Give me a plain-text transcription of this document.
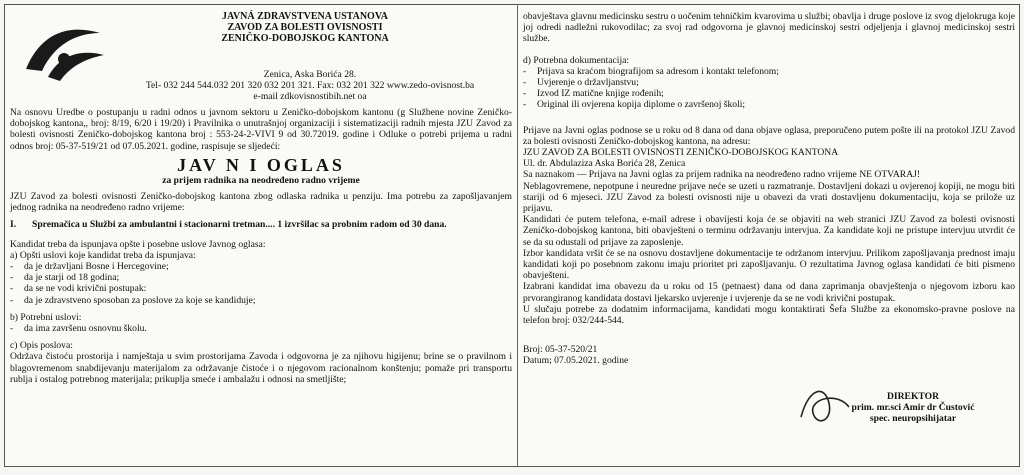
JAVNÁ ZDRAVSTVENA USTANOVA
ZAVOD ZA BOLESTI OVISNOSTI
ZENIČKO-DOBOJSKOG KANTONA
Zenica, Aska Borića 28.
Tel- 032 244 544.032 201 320 032 201 321. Fax: 032 201 322 www.zedo-ovisnost.ba
e-mail zdkovisnostibih.net oa

Na osnovu Uredbe o postupanju u radni odnos u javnom sektoru u Zeničko-dobojskom kantonu (g Službene novine Zeničko-dobojskog kantona,, broj: 8/19, 6/20 i 19/20) i Pravilnika o unutrašnjoj organizaciji i sistematizaciji radnih mjesta JZU Zavod za bolesti ovisnosti Zeničko-dobojskog kantona broj : 553-24-2-VIVI 9 od 30.72019. godine i Odluke o potrebi prijema u radni odnos broj: 05-37-519/21 od 07.05.2021. godine, raspisuje se sljedeći:

JAV N I OGLAS
za prijem radnika na neodređeno radno vrijeme

JZU Zavod za bolesti ovisnosti Zeničko-dobojskog kantona zbog odlaska radnika u penziju. Ima potrebu za zapošljavanjem jednog radnika na neodređeno radno vrijeme:

I. Spremačica u Službi za ambulantni i stacionarni tretman.... 1 izvršilac sa probnim radom od 30 dana.

Kandidat treba da ispunjava opšte i posebne uslove Javnog oglasa:

a) Opšti uslovi koje kandidat treba da ispunjava:

- da je državljani Bosne i Hercegovine;
- da je starji od 18 godina;
- da se ne vodi krivični postupak:
- da je zdravstveno sposoban za poslove za koje se kandiduje;

b) Potrebni uslovi:

- da ima završenu osnovnu školu.

c) Opis poslova:

Održava čistoću prostorija i namještaja u svim prostorijama Zavoda i odgovorna je za njihovu higijenu; brine se o pravilnom i blagovremenom snabdijevanju materijalom za održavanje čistoće i o njegovom racionalnom konštenju; pomaže pri transportu rublja i ostalog potrebnog materijala; prikuplja smeće i ambalažu i odnosi na smetljište;

obavještava glavnu medicinsku sestru o uočenim tehničkim kvarovima u službi; obavlja i druge poslove iz svog djelokruga koje joj odredi nadležni rukovodilac; za svoj rad odgovorna je glavnoj medicinskoj sestri odjeljenja i glavnoj medicinskoj sestri službe.

d) Potrebna dokumentacija:

- Prijava sa kraćom biografijom sa adresom i kontakt telefonom;
- Uvjerenje o državljanstvu;
- Izvod IZ matične knjige rođenih;
- Original ili ovjerena kopija diplome o završenoj školi;

Prijave na Javni oglas podnose se u roku od 8 dana od dana objave oglasa, preporučeno putem pošte ili na protokol JZU Zavod za bolesti ovisnosti Zeničko-dobojskog kantona, na adresu:

JZU ZAVOD ZA BOLESTI OVISNOSTI ZENIČKO-DOBOJSKOG KANTONA

Ul. dr. Abdulaziza Aska Borića 28, Zenica

Sa naznakom — Prijava na Javni oglas za prijem radnika na neodređeno radno vrijeme NE OTVARAJ!

Neblagovremene, nepotpune i neuredne prijave neće se uzeti u razmatranje. Dostavljeni dokazi u ovjerenoj kopiji, ne mogu biti stariji od 6 mjeseci. JZU Zavod za bolesti ovisnosti nije u obavezi da vrati dostavljenu dokumentaciju, koja se priložе uz prijavu.

Kandidati će putem telefona, e-mail adrese i obavijesti koja će se objaviti na web stranici JZU Zavod za bolesti ovisnosti Zeničko-dobojskog kantona, biti obavješteni o terminu održavanju intervjua. Za kandidate koji ne pristupe intervjuu utvrdit će se da su odustali od prijave za zaposlenje.

Izbor kandidata vršit će se na osnovu dostavljene dokumentacije te održanom intervjuu. Prilikom zapošljavanja prednost imaju kandidati koji po posebnom zakonu imaju prioritet pri zapošljavanju. O rezultatima Javnog oglasa kandidati će biti pismeno obavješteni.

Izabrani kandidat ima obavezu da u roku od 15 (petnaest) dana od dana zaprimanja obavještenja o njegovom izboru kao prvorangiranog kandidata dostavi ljekarsko uvjerenje i uvjerenje da se ne vodi krivični postupak.

U slučaju potrebe za dodatnim informacijama, kandidati mogu kontaktirati Šefa Službe za ekonomsko-pravne poslove na telefon broj: 032/244-544.

Broj: 05-37-520/21

Datum; 07.05.2021. godine

DIREKTOR
prim. mr.sci Amir dr Čustović
spec. neuropsihijatar
